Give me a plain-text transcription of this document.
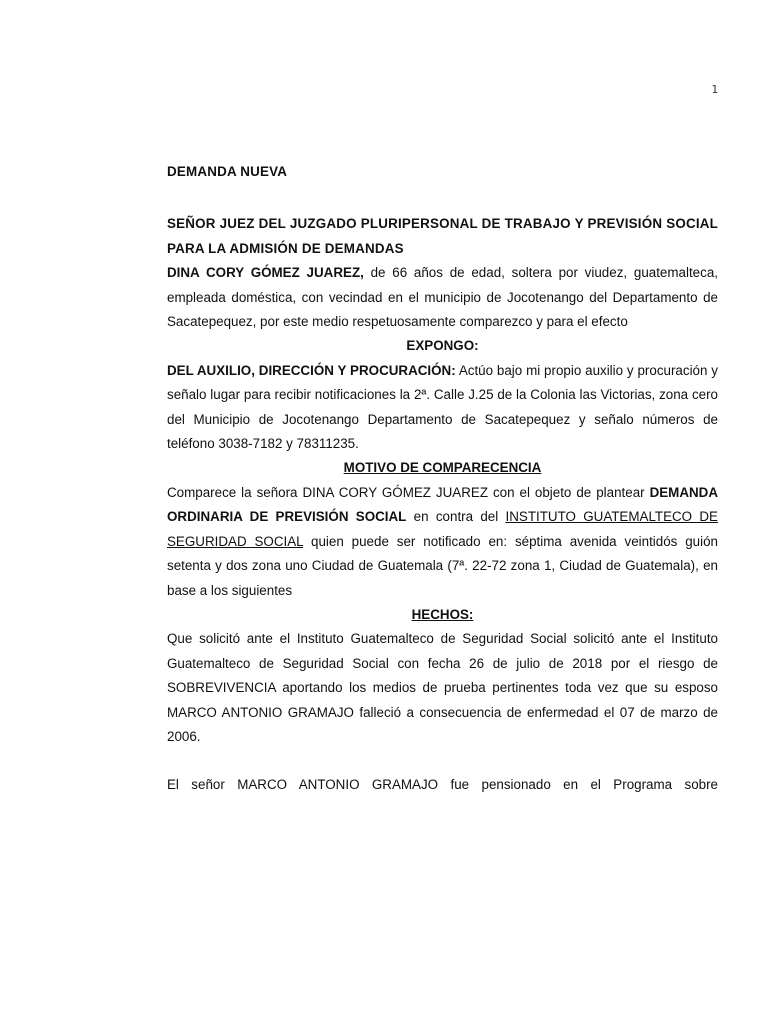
1
DEMANDA NUEVA
SEÑOR JUEZ DEL JUZGADO PLURIPERSONAL DE TRABAJO Y PREVISIÓN SOCIAL PARA LA ADMISIÓN DE DEMANDAS

DINA CORY GÓMEZ JUAREZ, de 66 años de edad, soltera por viudez, guatemalteca, empleada doméstica, con vecindad en el municipio de Jocotenango del Departamento de Sacatepequez, por este medio respetuosamente comparezco y para el efecto

EXPONGO:

DEL AUXILIO, DIRECCIÓN Y PROCURACIÓN: Actúo bajo mi propio auxilio y procuración y señalo lugar para recibir notificaciones la 2ª. Calle J.25 de la Colonia las Victorias, zona cero del Municipio de Jocotenango Departamento de Sacatepequez y señalo números de teléfono 3038-7182 y 78311235.

MOTIVO DE COMPARECENCIA

Comparece la señora DINA CORY GÓMEZ JUAREZ con el objeto de plantear DEMANDA ORDINARIA DE PREVISIÓN SOCIAL en contra del INSTITUTO GUATEMALTECO DE SEGURIDAD SOCIAL quien puede ser notificado en: séptima avenida veintidós guión setenta y dos zona uno Ciudad de Guatemala (7ª. 22-72 zona 1, Ciudad de Guatemala), en base a los siguientes

HECHOS:

Que solicitó ante el Instituto Guatemalteco de Seguridad Social solicitó ante el Instituto Guatemalteco de Seguridad Social con fecha 26 de julio de 2018 por el riesgo de SOBREVIVENCIA aportando los medios de prueba pertinentes toda vez que su esposo MARCO ANTONIO GRAMAJO falleció a consecuencia de enfermedad el 07 de marzo de 2006.

El señor MARCO ANTONIO GRAMAJO fue pensionado en el Programa sobre
